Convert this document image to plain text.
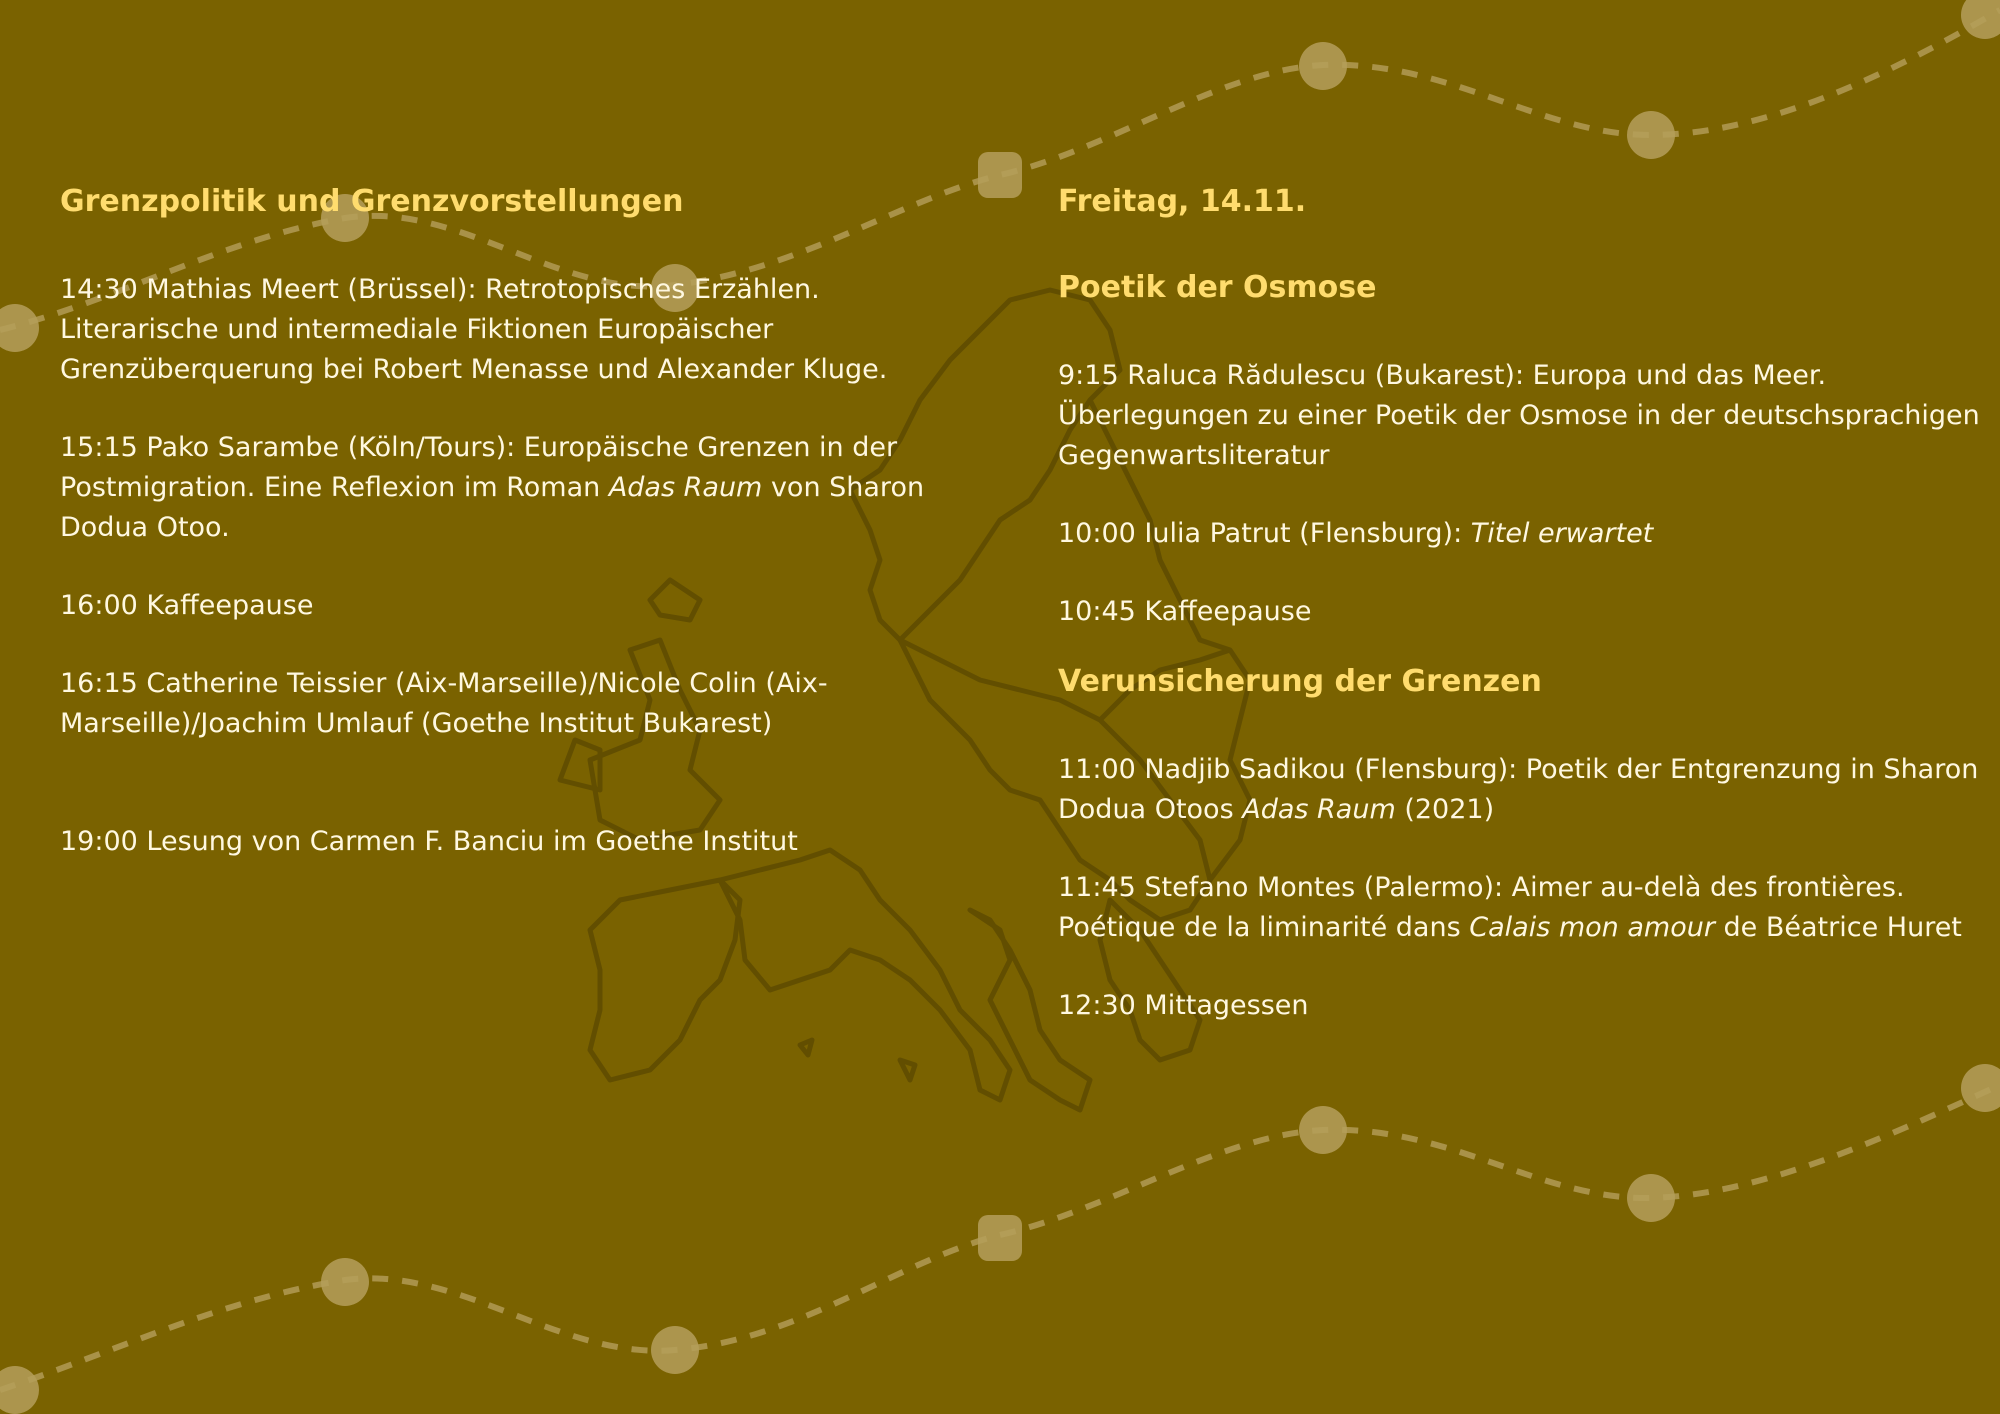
Grenzpolitik und Grenzvorstellungen

14:30 Mathias Meert (Brüssel): Retrotopisches Erzählen. Literarische und intermediale Fiktionen Europäischer Grenzüberquerung bei Robert Menasse und Alexander Kluge.

15:15 Pako Sarambe (Köln/Tours): Europäische Grenzen in der Postmigration. Eine Reflexion im Roman Adas Raum von Sharon Dodua Otoo.

16:00 Kaffeepause

16:15 Catherine Teissier (Aix-Marseille)/Nicole Colin (Aix-Marseille)/Joachim Umlauf (Goethe Institut Bukarest)

19:00 Lesung von Carmen F. Banciu im Goethe Institut

Freitag, 14.11.
Poetik der Osmose

9:15 Raluca Rădulescu (Bukarest): Europa und das Meer. Überlegungen zu einer Poetik der Osmose in der deutschsprachigen Gegenwartsliteratur

10:00 Iulia Patrut (Flensburg): Titel erwartet

10:45 Kaffeepause

Verunsicherung der Grenzen

11:00 Nadjib Sadikou (Flensburg): Poetik der Entgrenzung in Sharon Dodua Otoos Adas Raum (2021)

11:45 Stefano Montes (Palermo): Aimer au-delà des frontières. Poétique de la liminarité dans Calais mon amour de Béatrice Huret

12:30 Mittagessen
